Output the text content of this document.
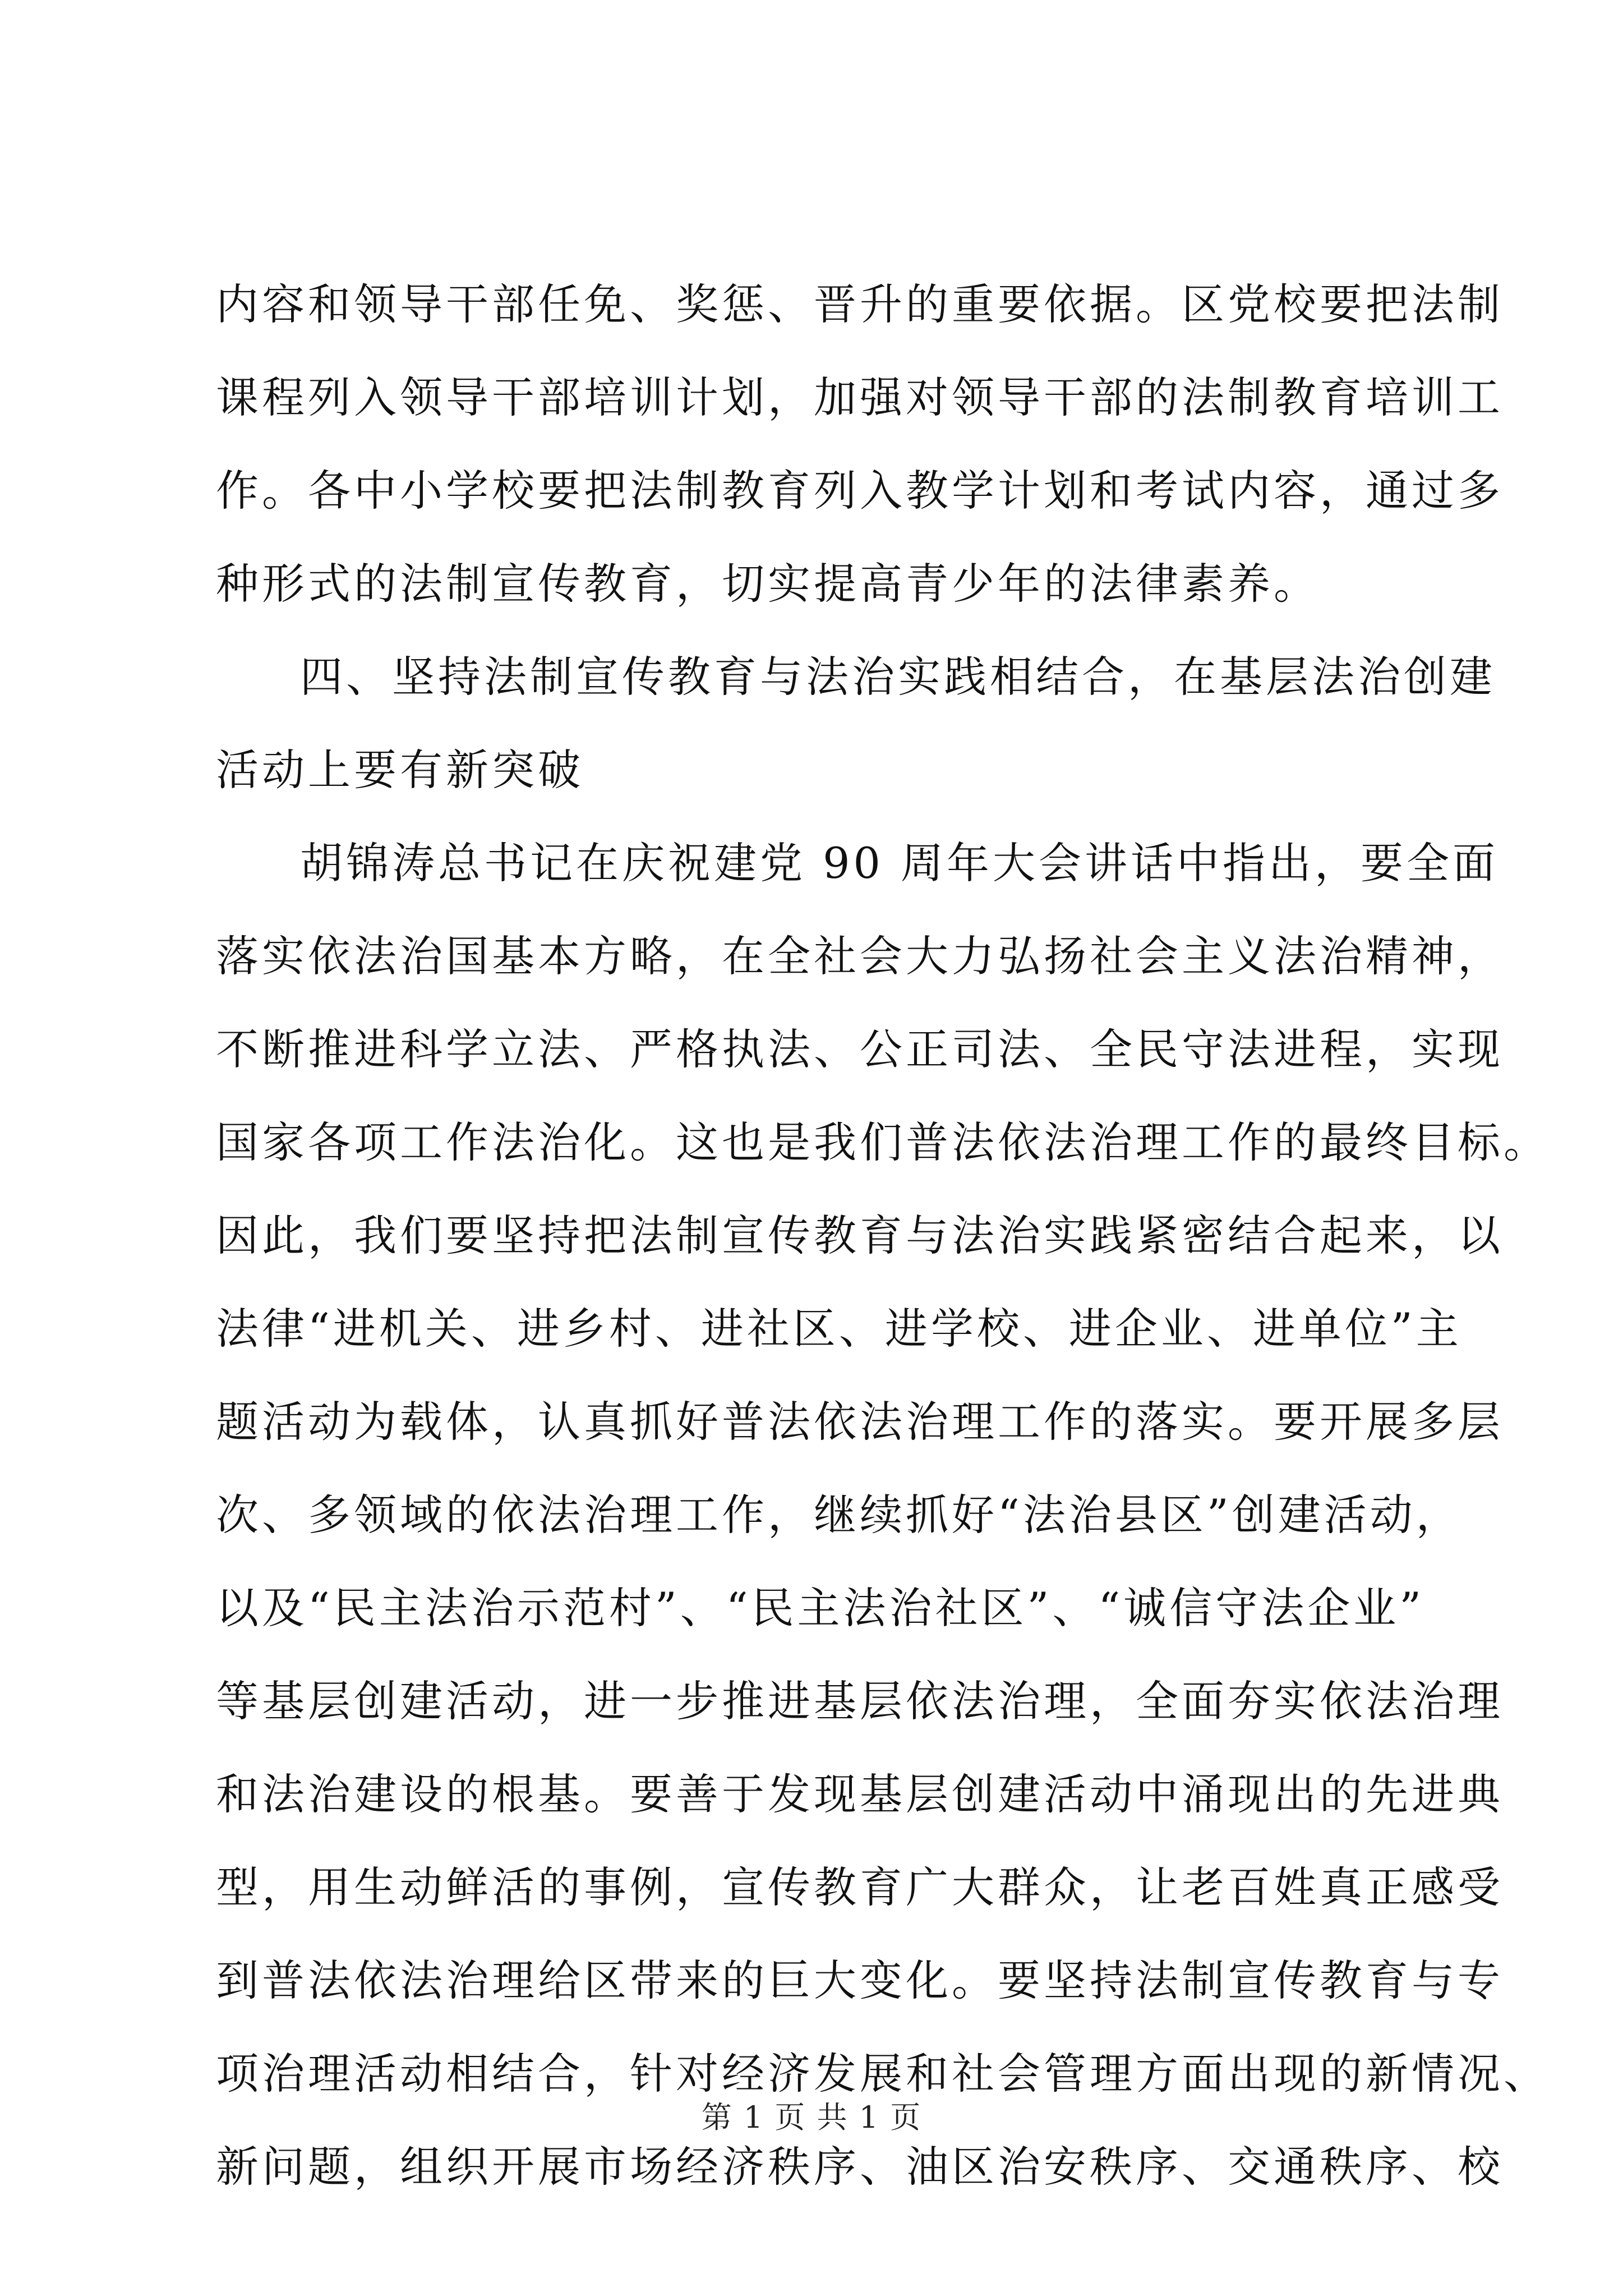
内容和领导干部任免、奖惩、晋升的重要依据。区党校要把法制
课程列入领导干部培训计划，加强对领导干部的法制教育培训工
作。各中小学校要把法制教育列入教学计划和考试内容，通过多
种形式的法制宣传教育，切实提高青少年的法律素养。
四、坚持法制宣传教育与法治实践相结合，在基层法治创建
活动上要有新突破
胡锦涛总书记在庆祝建党 90 周年大会讲话中指出，要全面
落实依法治国基本方略，在全社会大力弘扬社会主义法治精神，
不断推进科学立法、严格执法、公正司法、全民守法进程，实现
国家各项工作法治化。这也是我们普法依法治理工作的最终目标。
因此，我们要坚持把法制宣传教育与法治实践紧密结合起来，以
法律“进机关、进乡村、进社区、进学校、进企业、进单位”主
题活动为载体，认真抓好普法依法治理工作的落实。要开展多层
次、多领域的依法治理工作，继续抓好“法治县区”创建活动，
以及“民主法治示范村”、“民主法治社区”、“诚信守法企业”
等基层创建活动，进一步推进基层依法治理，全面夯实依法治理
和法治建设的根基。要善于发现基层创建活动中涌现出的先进典
型，用生动鲜活的事例，宣传教育广大群众，让老百姓真正感受
到普法依法治理给区带来的巨大变化。要坚持法制宣传教育与专
项治理活动相结合，针对经济发展和社会管理方面出现的新情况、
新问题，组织开展市场经济秩序、油区治安秩序、交通秩序、校
第 1 页 共 1 页
